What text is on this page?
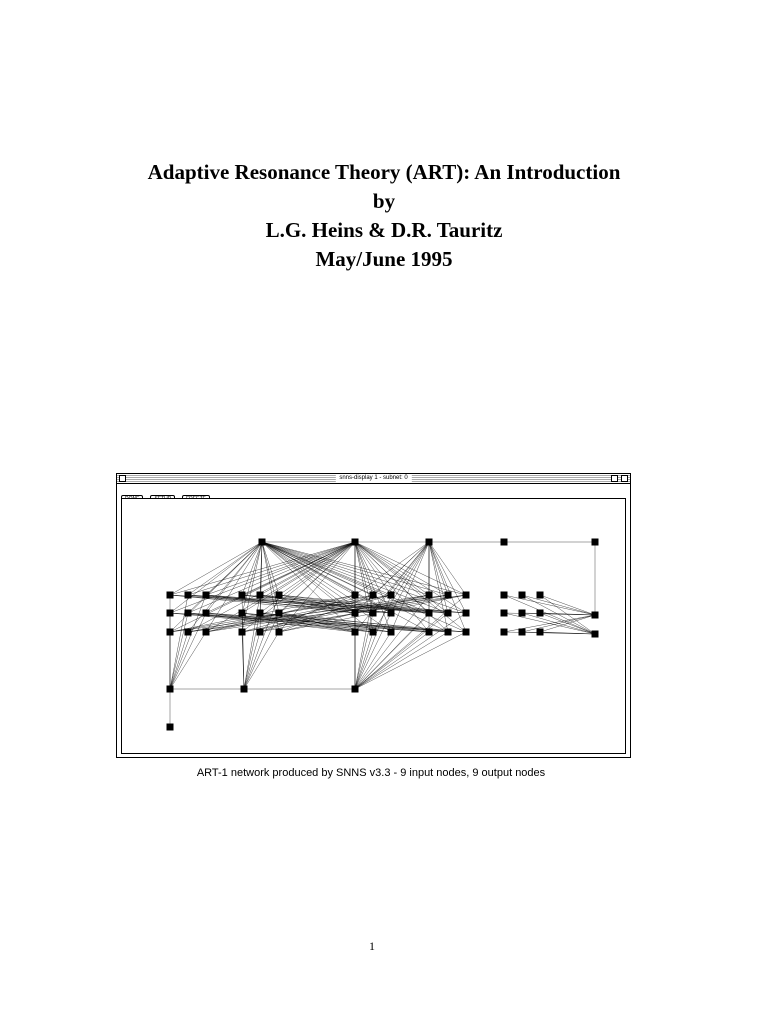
Adaptive Resonance Theory (ART): An Introduction
by
L.G. Heins & D.R. Tauritz
May/June 1995
snns-display 1 - subnet: 0

ART-1 network produced by SNNS v3.3 - 9 input nodes, 9 output nodes
1
